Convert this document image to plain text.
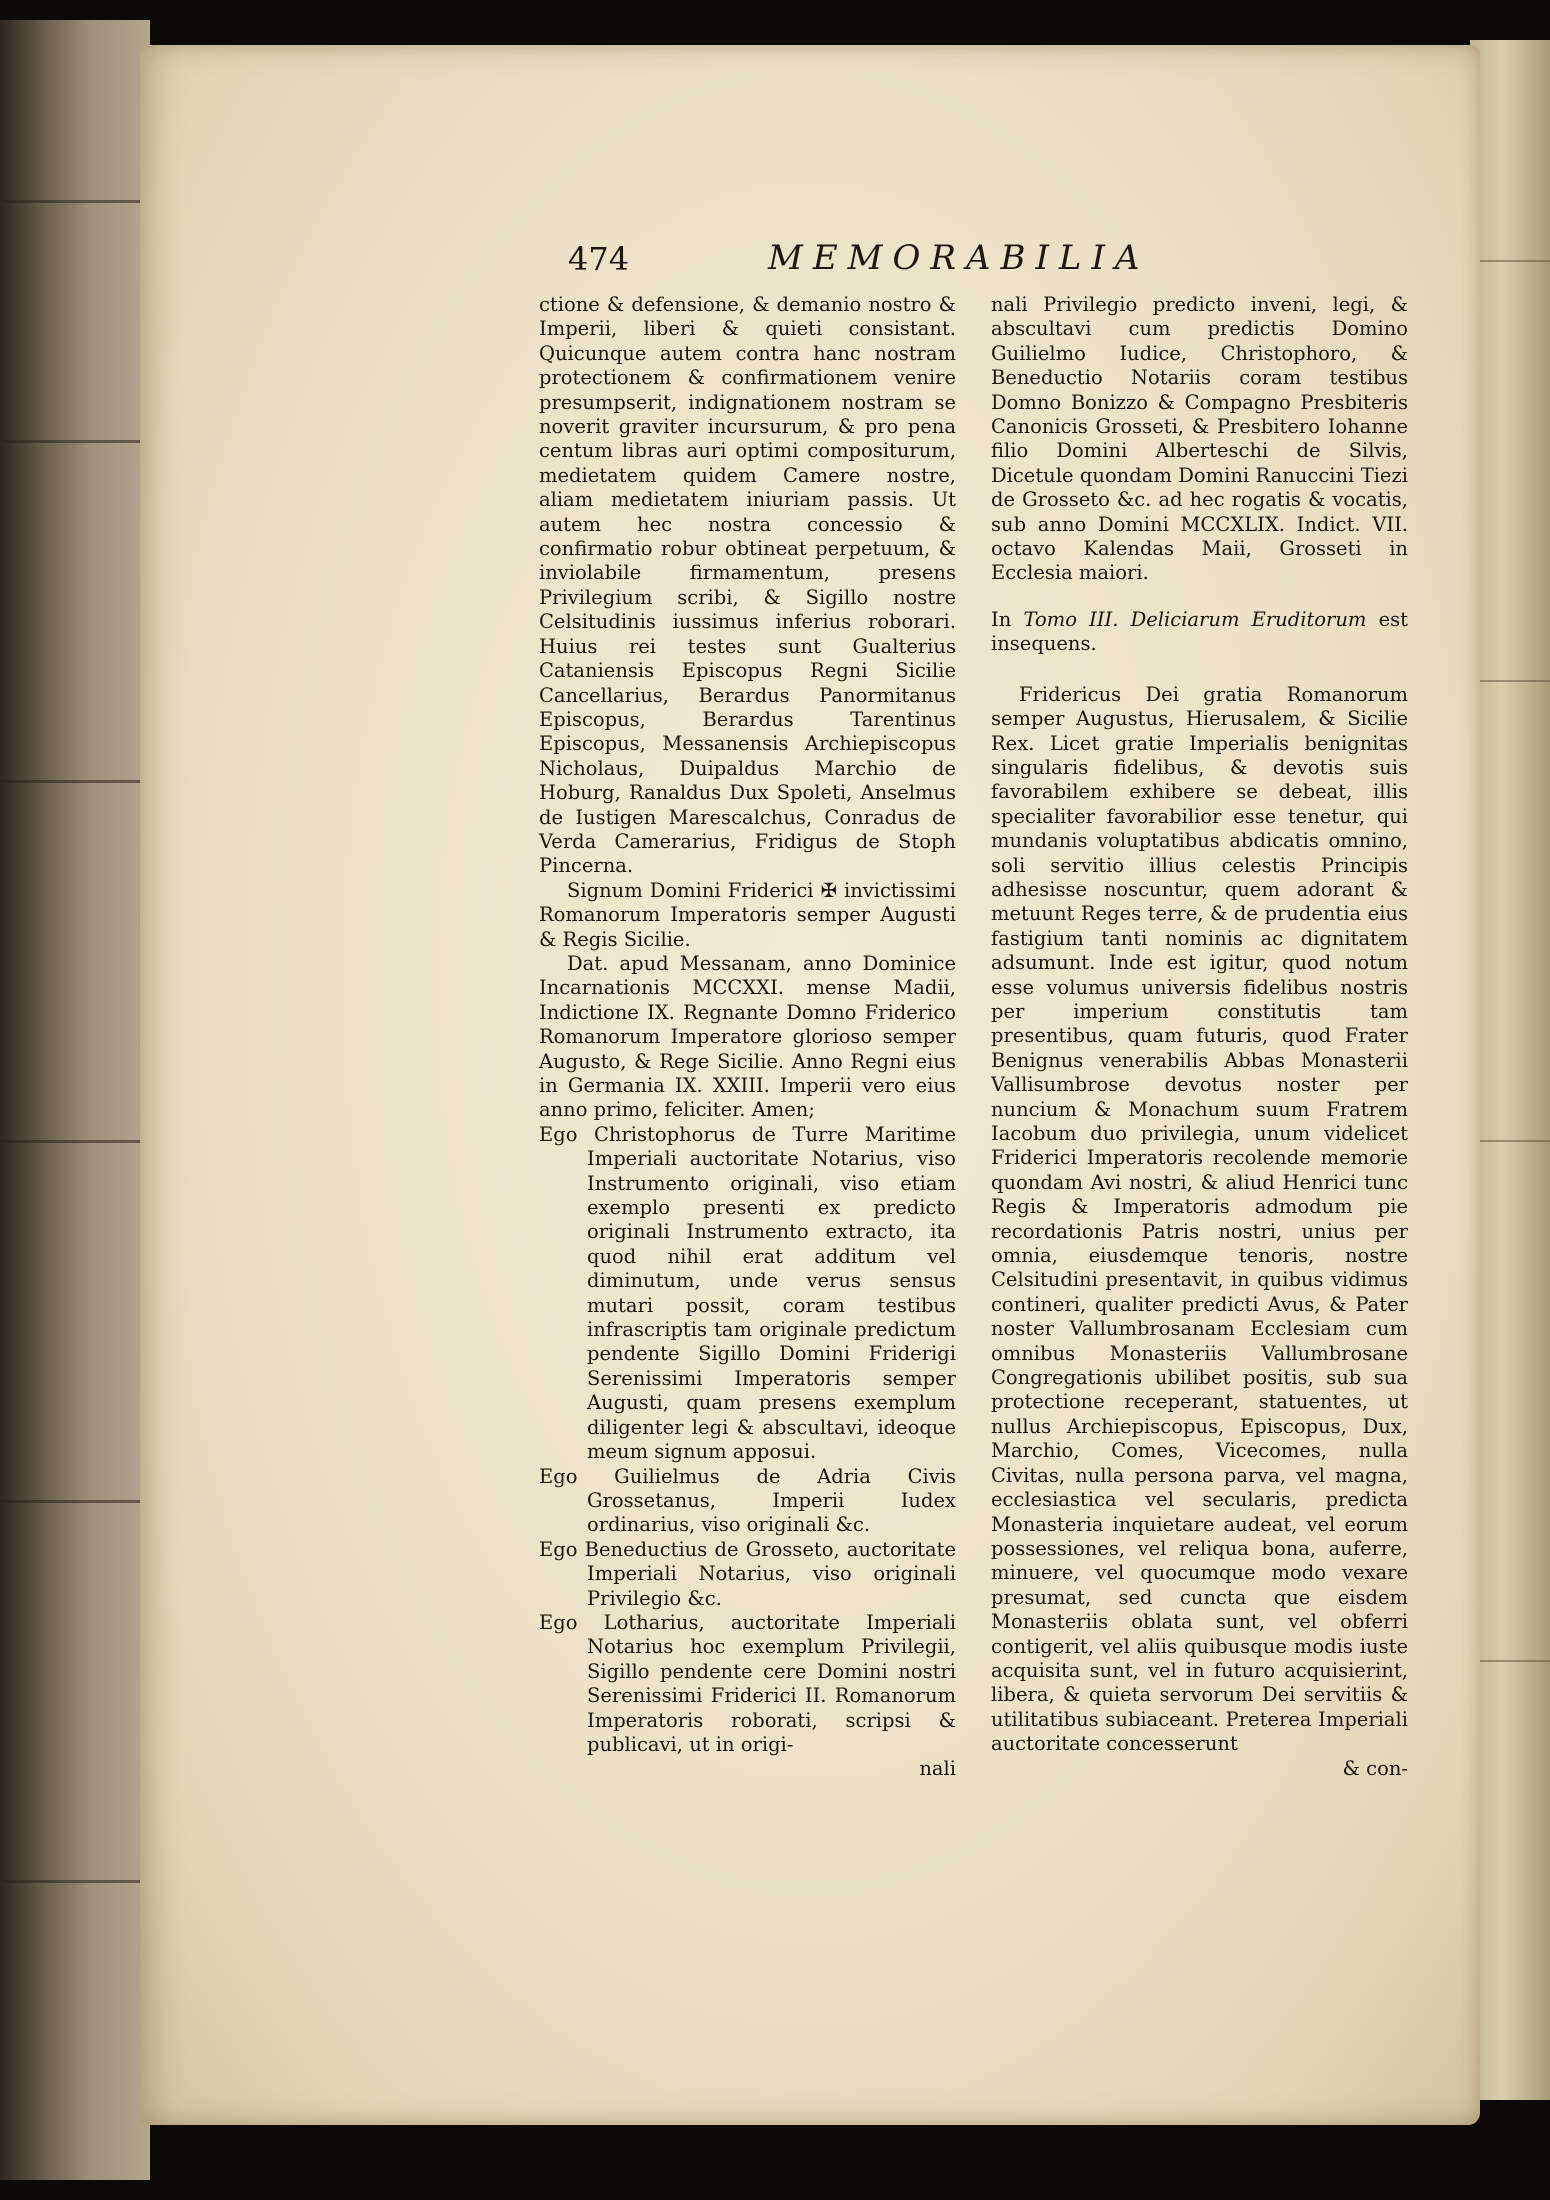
474	MEMORABILIA

ctione & defensione, & demanio nostro & Imperii, liberi & quieti consistant. Quicunque autem contra hanc nostram protectionem & confirmationem venire presumpserit, indignationem nostram se noverit graviter incursurum, & pro pena centum libras auri optimi compositurum, medietatem quidem Camere nostre, aliam medietatem iniuriam passis. Ut autem hec nostra concessio & confirmatio robur obtineat perpetuum, & inviolabile firmamentum, presens Privilegium scribi, & Sigillo nostre Celsitudinis iussimus inferius roborari. Huius rei testes sunt Gualterius Cataniensis Episcopus Regni Sicilie Cancellarius, Berardus Panormitanus Episcopus, Berardus Tarentinus Episcopus, Messanensis Archiepiscopus Nicholaus, Duipaldus Marchio de Hoburg, Ranaldus Dux Spoleti, Anselmus de Iustigen Marescalchus, Conradus de Verda Camerarius, Fridigus de Stoph Pincerna.

Signum Domini Friderici ✠ invictissimi Romanorum Imperatoris semper Augusti & Regis Sicilie.

Dat. apud Messanam, anno Dominice Incarnationis MCCXXI. mense Madii, Indictione IX. Regnante Domno Friderico Romanorum Imperatore glorioso semper Augusto, & Rege Sicilie. Anno Regni eius in Germania IX. XXIII. Imperii vero eius anno primo, feliciter. Amen;

Ego Christophorus de Turre Maritime Imperiali auctoritate Notarius, viso Instrumento originali, viso etiam exemplo presenti ex predicto originali Instrumento extracto, ita quod nihil erat additum vel diminutum, unde verus sensus mutari possit, coram testibus infrascriptis tam originale predictum pendente Sigillo Domini Friderigi Serenissimi Imperatoris semper Augusti, quam presens exemplum diligenter legi & abscultavi, ideoque meum signum apposui.

Ego Guilielmus de Adria Civis Grossetanus, Imperii Iudex ordinarius, viso originali &c.

Ego Beneductius de Grosseto, auctoritate Imperiali Notarius, viso originali Privilegio &c.

Ego Lotharius, auctoritate Imperiali Notarius hoc exemplum Privilegii, Sigillo pendente cere Domini nostri Serenissimi Friderici II. Romanorum Imperatoris roborati, scripsi & publicavi, ut in origi-

nali

nali Privilegio predicto inveni, legi, & abscultavi cum predictis Domino Guilielmo Iudice, Christophoro, & Beneductio Notariis coram testibus Domno Bonizzo & Compagno Presbiteris Canonicis Grosseti, & Presbitero Iohanne filio Domini Alberteschi de Silvis, Dicetule quondam Domini Ranuccini Tiezi de Grosseto &c. ad hec rogatis & vocatis, sub anno Domini MCCXLIX. Indict. VII. octavo Kalendas Maii, Grosseti in Ecclesia maiori.

In Tomo III. Deliciarum Eruditorum est insequens.

Fridericus Dei gratia Romanorum semper Augustus, Hierusalem, & Sicilie Rex. Licet gratie Imperialis benignitas singularis fidelibus, & devotis suis favorabilem exhibere se debeat, illis specialiter favorabilior esse tenetur, qui mundanis voluptatibus abdicatis omnino, soli servitio illius celestis Principis adhesisse noscuntur, quem adorant & metuunt Reges terre, & de prudentia eius fastigium tanti nominis ac dignitatem adsumunt. Inde est igitur, quod notum esse volumus universis fidelibus nostris per imperium constitutis tam presentibus, quam futuris, quod Frater Benignus venerabilis Abbas Monasterii Vallisumbrose devotus noster per nuncium & Monachum suum Fratrem Iacobum duo privilegia, unum videlicet Friderici Imperatoris recolende memorie quondam Avi nostri, & aliud Henrici tunc Regis & Imperatoris admodum pie recordationis Patris nostri, unius per omnia, eiusdemque tenoris, nostre Celsitudini presentavit, in quibus vidimus contineri, qualiter predicti Avus, & Pater noster Vallumbrosanam Ecclesiam cum omnibus Monasteriis Vallumbrosane Congregationis ubilibet positis, sub sua protectione receperant, statuentes, ut nullus Archiepiscopus, Episcopus, Dux, Marchio, Comes, Vicecomes, nulla Civitas, nulla persona parva, vel magna, ecclesiastica vel secularis, predicta Monasteria inquietare audeat, vel eorum possessiones, vel reliqua bona, auferre, minuere, vel quocumque modo vexare presumat, sed cuncta que eisdem Monasteriis oblata sunt, vel obferri contigerit, vel aliis quibusque modis iuste acquisita sunt, vel in futuro acquisierint, libera, & quieta servorum Dei servitiis & utilitatibus subiaceant. Preterea Imperiali auctoritate concesserunt

& con-
